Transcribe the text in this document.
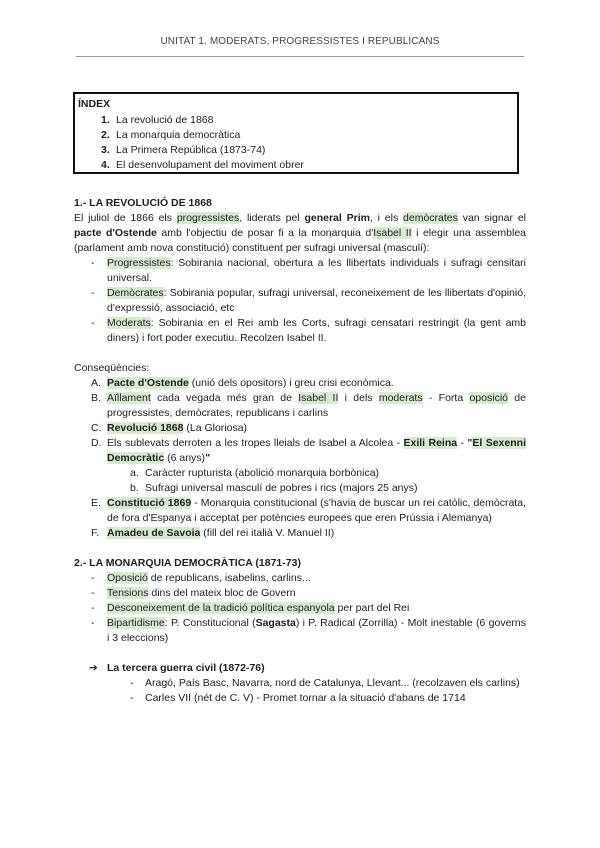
UNITAT 1. MODERATS, PROGRESSISTES I REPUBLICANS
ÍNDEX
1. La revolució de 1868
2. La monarquia democràtica
3. La Primera República (1873-74)
4. El desenvolupament del moviment obrer
1.- LA REVOLUCIÓ DE 1868

El juliol de 1866 els progressistes, liderats pel general Prim, i els demòcrates van signar el pacte d'Ostende amb l'objectiu de posar fi a la monarquia d'Isabel II i elegir una assemblea (parlament amb nova constitució) constituent per sufragi universal (masculí):

- Progressistes: Sobirania nacional, obertura a les llibertats individuals i sufragi censitari universal.
- Demòcrates: Sobirania popular, sufragi universal, reconeixement de les llibertats d'opinió, d'expressió, associació, etc
- Moderats: Sobirania en el Rei amb les Corts, sufragi censatari restringit (la gent amb diners) i fort poder executiu. Recolzen Isabel II.

Conseqüències:

A. Pacte d'Ostende (unió dels opositors) i greu crisi econòmica.
B. Aïllament cada vegada més gran de Isabel II i dels moderats - Forta oposició de progressistes, demòcrates, republicans i carlins
C. Revolució 1868 (La Gloriosa)
D. Els sublevats derroten a les tropes lleials de Isabel a Alcolea - Exili Reina - "El Sexenni Democràtic (6 anys)"
a. Caràcter rupturista (abolició monarquia borbònica)
b. Sufragi universal masculí de pobres i rics (majors 25 anys)
E. Constitució 1869 - Monarquia constitucional (s'havia de buscar un rei catòlic, demòcrata, de fora d'Espanya i acceptat per potències europees que eren Prússia i Alemanya)
F. Amadeu de Savoia (fill del rei italià V. Manuel II)
2.- LA MONARQUIA DEMOCRÀTICA (1871-73)
- Oposició de republicans, isabelins, carlins...
- Tensions dins del mateix bloc de Govern
- Desconeixement de la tradició política espanyola per part del Rei
- Bipartidisme: P. Constitucional (Sagasta) i P. Radical (Zorrilla) - Molt inestable (6 governs i 3 eleccions)
➔ La tercera guerra civil (1872-76)
- Aragó, País Basc, Navarra, nord de Catalunya, Llevant... (recolzaven els carlins)
- Carles VII (nét de C. V) - Promet tornar a la situació d'abans de 1714
